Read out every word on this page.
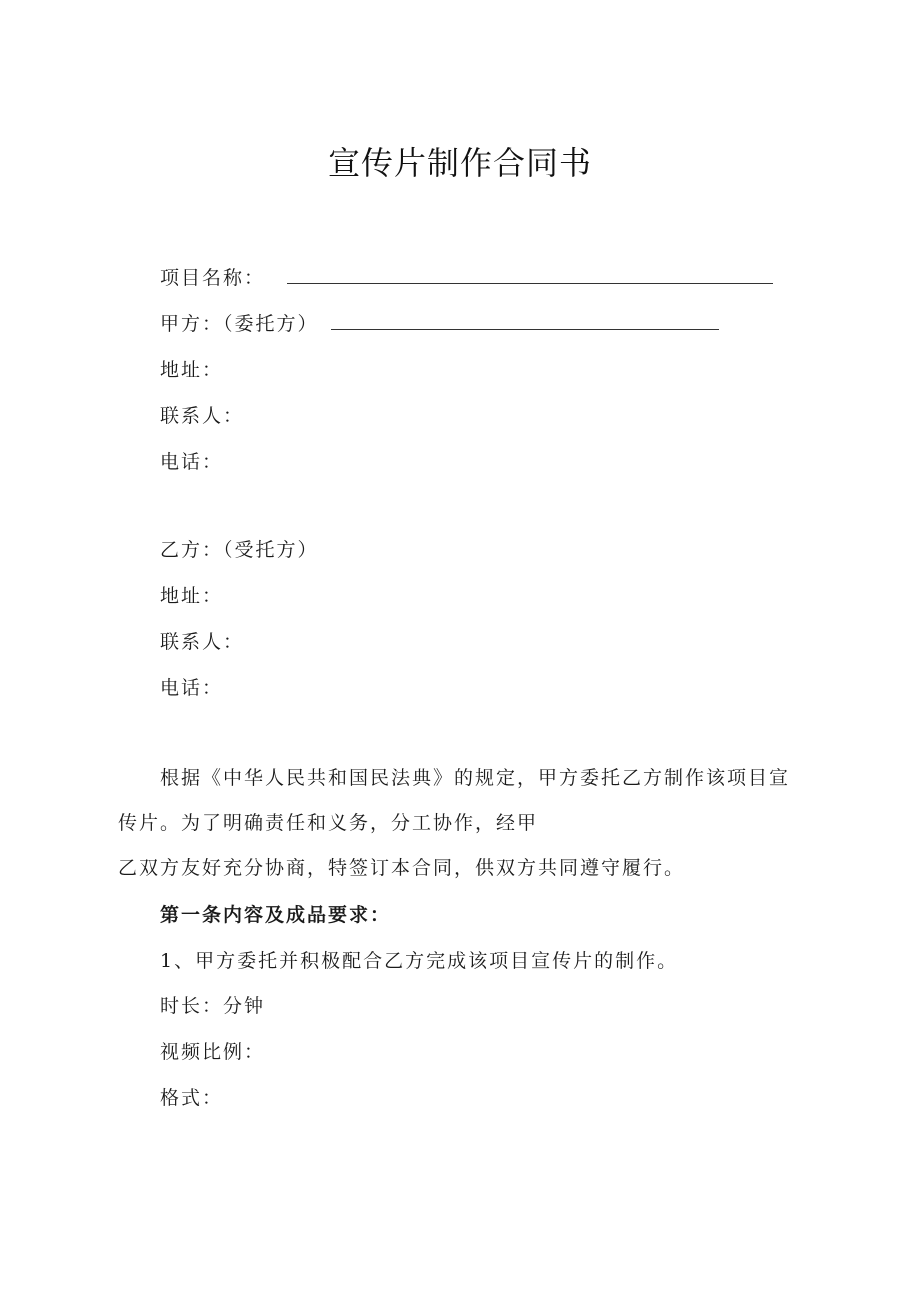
宣传片制作合同书
项目名称：
甲方：（委托方）
地址：
联系人：
电话：
乙方：（受托方）
地址：
联系人：
电话：
根据《中华人民共和国民法典》的规定，甲方委托乙方制作该项目宣
传片。为了明确责任和义务，分工协作，经甲
乙双方友好充分协商，特签订本合同，供双方共同遵守履行。
第一条内容及成品要求：
1、甲方委托并积极配合乙方完成该项目宣传片的制作。
时长：分钟
视频比例：
格式：
